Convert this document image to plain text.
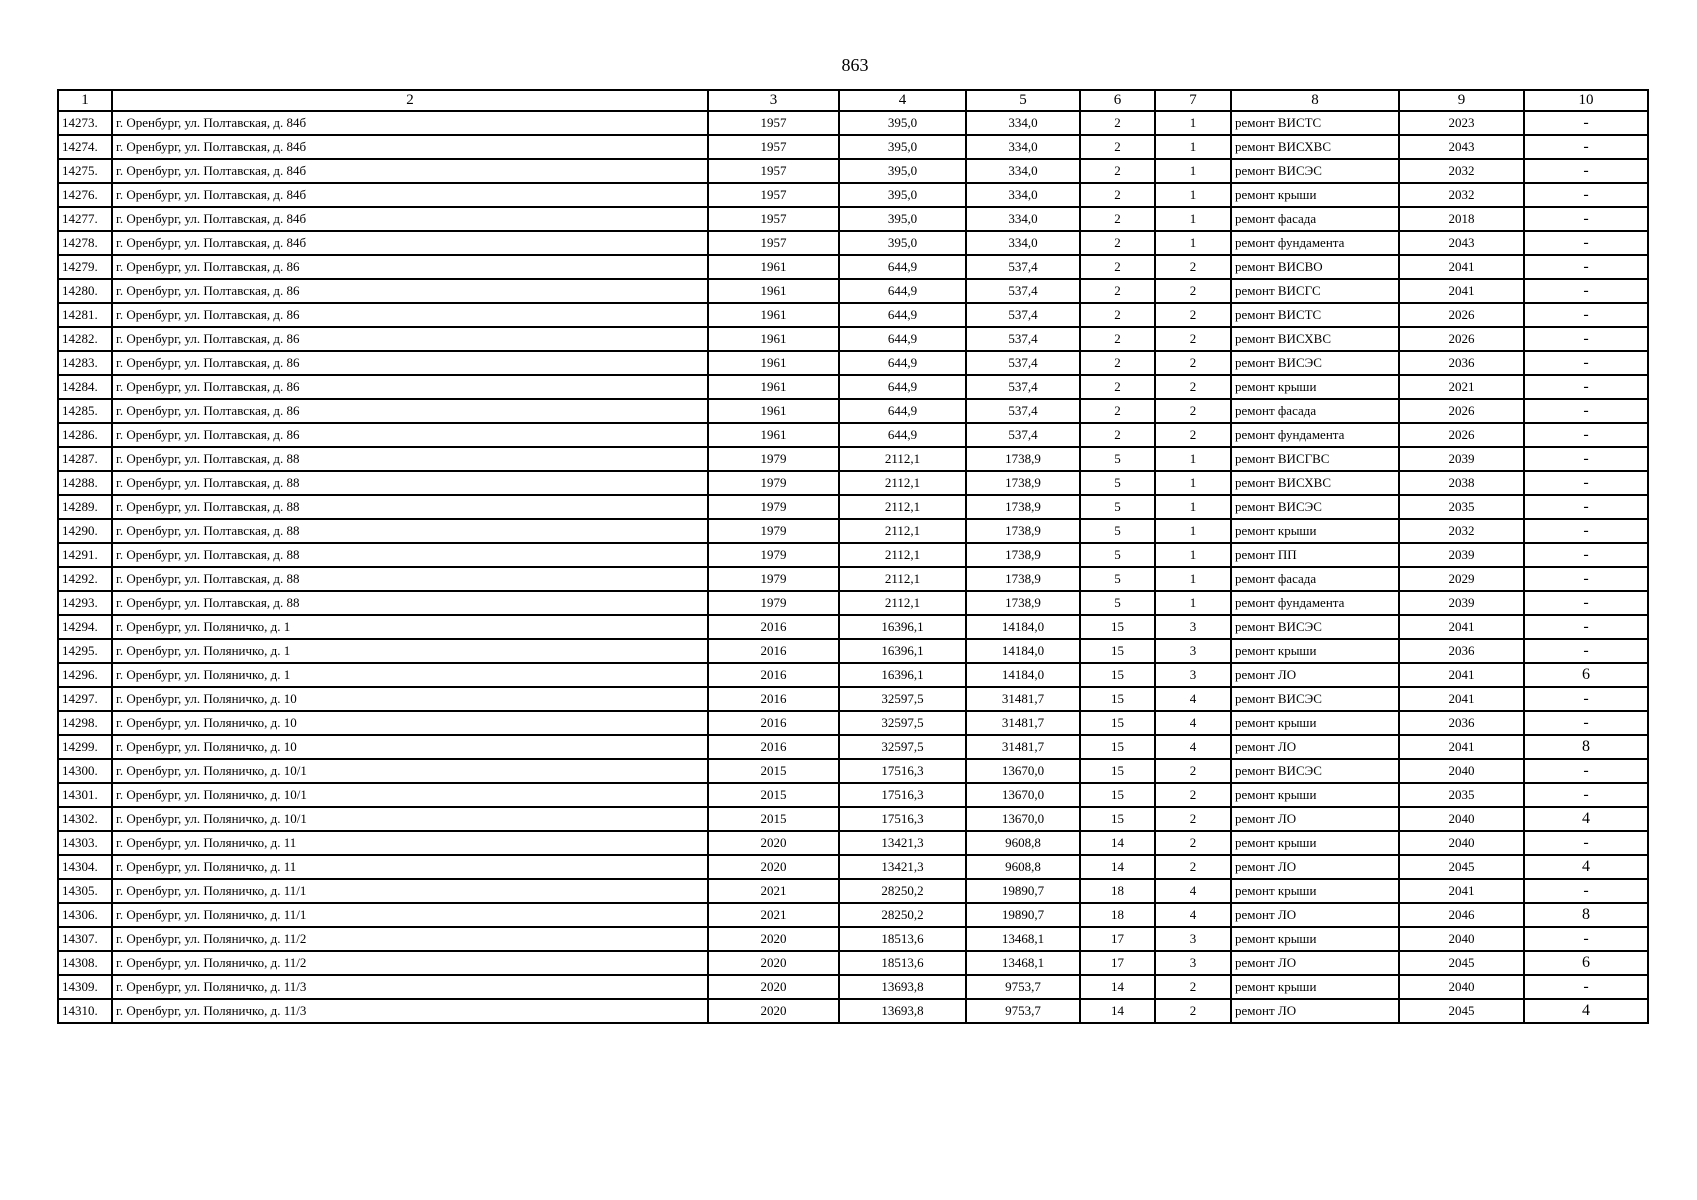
863
1	2	3	4	5	6	7	8	9	10
14273.	г. Оренбург, ул. Полтавская, д. 84б	1957	395,0	334,0	2	1	ремонт ВИСТС	2023	-
14274.	г. Оренбург, ул. Полтавская, д. 84б	1957	395,0	334,0	2	1	ремонт ВИСХВС	2043	-
14275.	г. Оренбург, ул. Полтавская, д. 84б	1957	395,0	334,0	2	1	ремонт ВИСЭС	2032	-
14276.	г. Оренбург, ул. Полтавская, д. 84б	1957	395,0	334,0	2	1	ремонт крыши	2032	-
14277.	г. Оренбург, ул. Полтавская, д. 84б	1957	395,0	334,0	2	1	ремонт фасада	2018	-
14278.	г. Оренбург, ул. Полтавская, д. 84б	1957	395,0	334,0	2	1	ремонт фундамента	2043	-
14279.	г. Оренбург, ул. Полтавская, д. 86	1961	644,9	537,4	2	2	ремонт ВИСВО	2041	-
14280.	г. Оренбург, ул. Полтавская, д. 86	1961	644,9	537,4	2	2	ремонт ВИСГС	2041	-
14281.	г. Оренбург, ул. Полтавская, д. 86	1961	644,9	537,4	2	2	ремонт ВИСТС	2026	-
14282.	г. Оренбург, ул. Полтавская, д. 86	1961	644,9	537,4	2	2	ремонт ВИСХВС	2026	-
14283.	г. Оренбург, ул. Полтавская, д. 86	1961	644,9	537,4	2	2	ремонт ВИСЭС	2036	-
14284.	г. Оренбург, ул. Полтавская, д. 86	1961	644,9	537,4	2	2	ремонт крыши	2021	-
14285.	г. Оренбург, ул. Полтавская, д. 86	1961	644,9	537,4	2	2	ремонт фасада	2026	-
14286.	г. Оренбург, ул. Полтавская, д. 86	1961	644,9	537,4	2	2	ремонт фундамента	2026	-
14287.	г. Оренбург, ул. Полтавская, д. 88	1979	2112,1	1738,9	5	1	ремонт ВИСГВС	2039	-
14288.	г. Оренбург, ул. Полтавская, д. 88	1979	2112,1	1738,9	5	1	ремонт ВИСХВС	2038	-
14289.	г. Оренбург, ул. Полтавская, д. 88	1979	2112,1	1738,9	5	1	ремонт ВИСЭС	2035	-
14290.	г. Оренбург, ул. Полтавская, д. 88	1979	2112,1	1738,9	5	1	ремонт крыши	2032	-
14291.	г. Оренбург, ул. Полтавская, д. 88	1979	2112,1	1738,9	5	1	ремонт ПП	2039	-
14292.	г. Оренбург, ул. Полтавская, д. 88	1979	2112,1	1738,9	5	1	ремонт фасада	2029	-
14293.	г. Оренбург, ул. Полтавская, д. 88	1979	2112,1	1738,9	5	1	ремонт фундамента	2039	-
14294.	г. Оренбург, ул. Поляничко, д. 1	2016	16396,1	14184,0	15	3	ремонт ВИСЭС	2041	-
14295.	г. Оренбург, ул. Поляничко, д. 1	2016	16396,1	14184,0	15	3	ремонт крыши	2036	-
14296.	г. Оренбург, ул. Поляничко, д. 1	2016	16396,1	14184,0	15	3	ремонт ЛО	2041	6
14297.	г. Оренбург, ул. Поляничко, д. 10	2016	32597,5	31481,7	15	4	ремонт ВИСЭС	2041	-
14298.	г. Оренбург, ул. Поляничко, д. 10	2016	32597,5	31481,7	15	4	ремонт крыши	2036	-
14299.	г. Оренбург, ул. Поляничко, д. 10	2016	32597,5	31481,7	15	4	ремонт ЛО	2041	8
14300.	г. Оренбург, ул. Поляничко, д. 10/1	2015	17516,3	13670,0	15	2	ремонт ВИСЭС	2040	-
14301.	г. Оренбург, ул. Поляничко, д. 10/1	2015	17516,3	13670,0	15	2	ремонт крыши	2035	-
14302.	г. Оренбург, ул. Поляничко, д. 10/1	2015	17516,3	13670,0	15	2	ремонт ЛО	2040	4
14303.	г. Оренбург, ул. Поляничко, д. 11	2020	13421,3	9608,8	14	2	ремонт крыши	2040	-
14304.	г. Оренбург, ул. Поляничко, д. 11	2020	13421,3	9608,8	14	2	ремонт ЛО	2045	4
14305.	г. Оренбург, ул. Поляничко, д. 11/1	2021	28250,2	19890,7	18	4	ремонт крыши	2041	-
14306.	г. Оренбург, ул. Поляничко, д. 11/1	2021	28250,2	19890,7	18	4	ремонт ЛО	2046	8
14307.	г. Оренбург, ул. Поляничко, д. 11/2	2020	18513,6	13468,1	17	3	ремонт крыши	2040	-
14308.	г. Оренбург, ул. Поляничко, д. 11/2	2020	18513,6	13468,1	17	3	ремонт ЛО	2045	6
14309.	г. Оренбург, ул. Поляничко, д. 11/3	2020	13693,8	9753,7	14	2	ремонт крыши	2040	-
14310.	г. Оренбург, ул. Поляничко, д. 11/3	2020	13693,8	9753,7	14	2	ремонт ЛО	2045	4
